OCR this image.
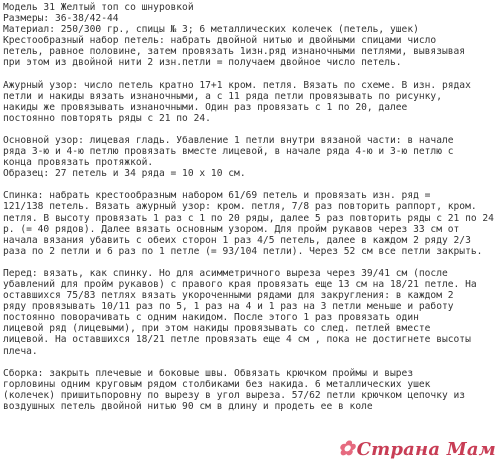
Модель 31 Желтый топ со шнуровкой
Размеры: 36-38/42-44
Материал: 250/300 гр., спицы № 3; 6 металлических колечек (петель, ушек)
Крестообразный набор петель: набрать двойной нитью и двойными спицами число
петель, равное половине, затем провязать 1изн.ряд изнаночными петлями, вывязывая
при этом из двойной нити 2 изн.петли = получаем двойное число петель.
Ажурный узор: число петель кратно 17+1 кром. петля. Вязать по схеме. В изн. рядах
петли и накиды вязать изнаночными, а с 11 ряда петли провязывать по рисунку,
накиды же провязывать изнаночными. Один раз провязать с 1 по 20, далее
постоянно повторять ряды с 21 по 24.
Основной узор: лицевая гладь. Убавление 1 петли внутри вязаной части: в начале
ряда 3-ю и 4-ю петлю провязать вместе лицевой, в начале ряда 4-ю и 3-ю петлю с
конца провязать протяжкой.
Образец: 27 петель и 34 ряда = 10 х 10 см.
Спинка: набрать крестообразным набором 61/69 петель и провязать изн. ряд =
121/138 петель. Вязать ажурный узор: кром. петля, 7/8 раз повторить раппорт, кром.
петля. В высоту провязать 1 раз с 1 по 20 ряды, далее 5 раз повторить ряды с 21 по 24
р. (= 40 рядов). Далее вязать основным узором. Для пройм рукавов через 33 см от
начала вязания убавить с обеих сторон 1 раз 4/5 петель, далее в каждом 2 ряду 2/3
раза по 2 петли и 6 раз по 1 петле (= 93/104 петли). Через 52 см все петли закрыть.
Перед: вязать, как спинку. Но для асимметричного выреза через 39/41 см (после
убавлений для пройм рукавов) с правого края провязать еще 13 см на 18/21 петле. На
оставшихся 75/83 петлях вязать укороченными рядами для закругления: в каждом 2
ряду провязывать 10/11 раз по 5, 1 раз на 4 и 1 раз на 3 петли меньше и работу
постоянно поворачивать с одним накидом. После этого 1 раз провязать один
лицевой ряд (лицевыми), при этом накиды провязывать со след. петлей вместе
лицевой. На оставшихся 18/21 петле провязать еще 4 см , пока не достигнете высоты
плеча.
Сборка: закрыть плечевые и боковые швы. Обвязать крючком проймы и вырез
горловины одним круговым рядом столбиками без накида. 6 металлических ушек
(колечек) пришитьпоровну по вырезу в угол выреза. 57/62 петли крючком цепочку из
воздушных петель двойной нитью 90 см в длину и продеть ее в коле
✿ Страна Мам
